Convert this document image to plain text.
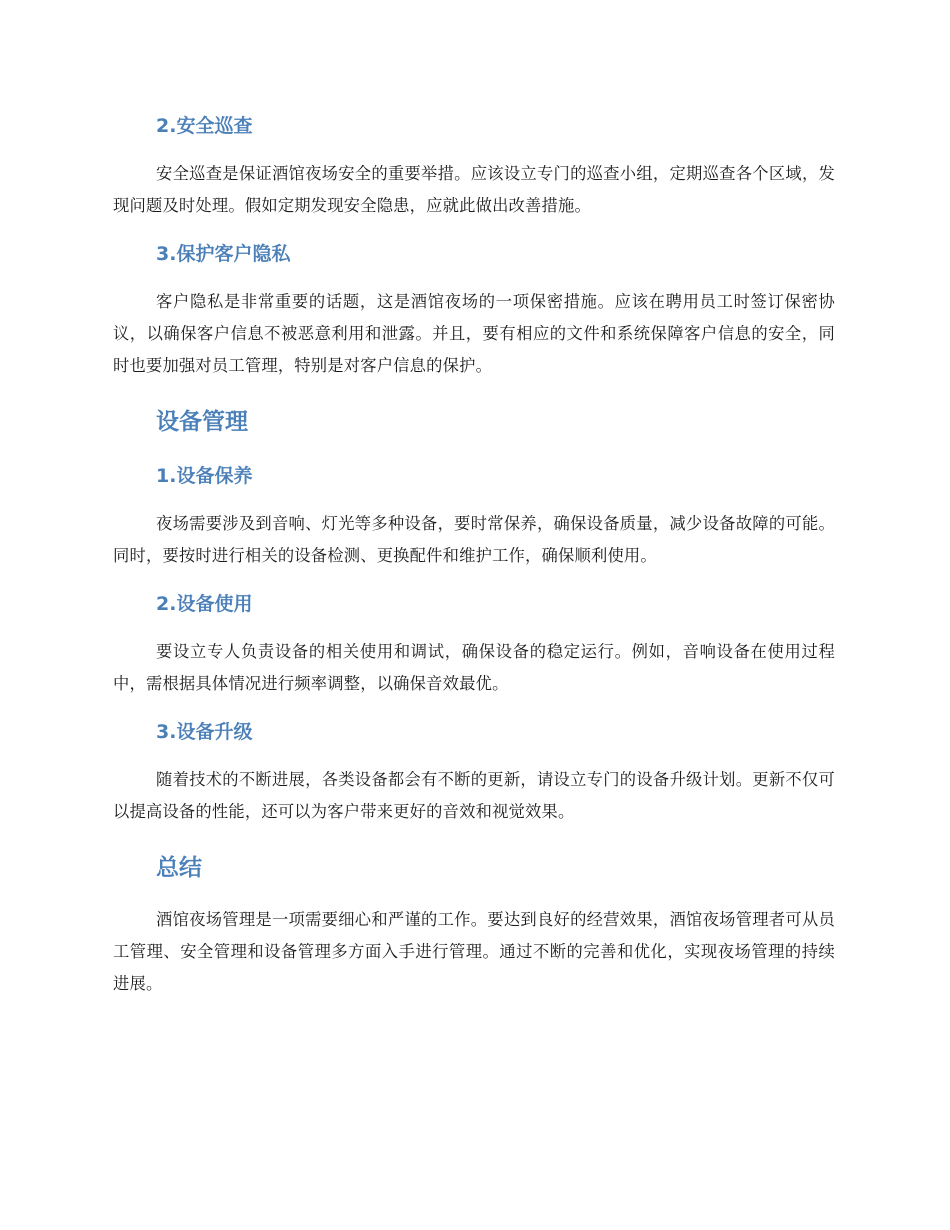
2.安全巡查

安全巡查是保证酒馆夜场安全的重要举措。应该设立专门的巡查小组，定期巡查各个区域，发现问题及时处理。假如定期发现安全隐患，应就此做出改善措施。

3.保护客户隐私

客户隐私是非常重要的话题，这是酒馆夜场的一项保密措施。应该在聘用员工时签订保密协议，以确保客户信息不被恶意利用和泄露。并且，要有相应的文件和系统保障客户信息的安全，同时也要加强对员工管理，特别是对客户信息的保护。

设备管理
1.设备保养

夜场需要涉及到音响、灯光等多种设备，要时常保养，确保设备质量，减少设备故障的可能。同时，要按时进行相关的设备检测、更换配件和维护工作，确保顺利使用。

2.设备使用

要设立专人负责设备的相关使用和调试，确保设备的稳定运行。例如，音响设备在使用过程中，需根据具体情况进行频率调整，以确保音效最优。

3.设备升级

随着技术的不断进展，各类设备都会有不断的更新，请设立专门的设备升级计划。更新不仅可以提高设备的性能，还可以为客户带来更好的音效和视觉效果。

总结

酒馆夜场管理是一项需要细心和严谨的工作。要达到良好的经营效果，酒馆夜场管理者可从员工管理、安全管理和设备管理多方面入手进行管理。通过不断的完善和优化，实现夜场管理的持续进展。
